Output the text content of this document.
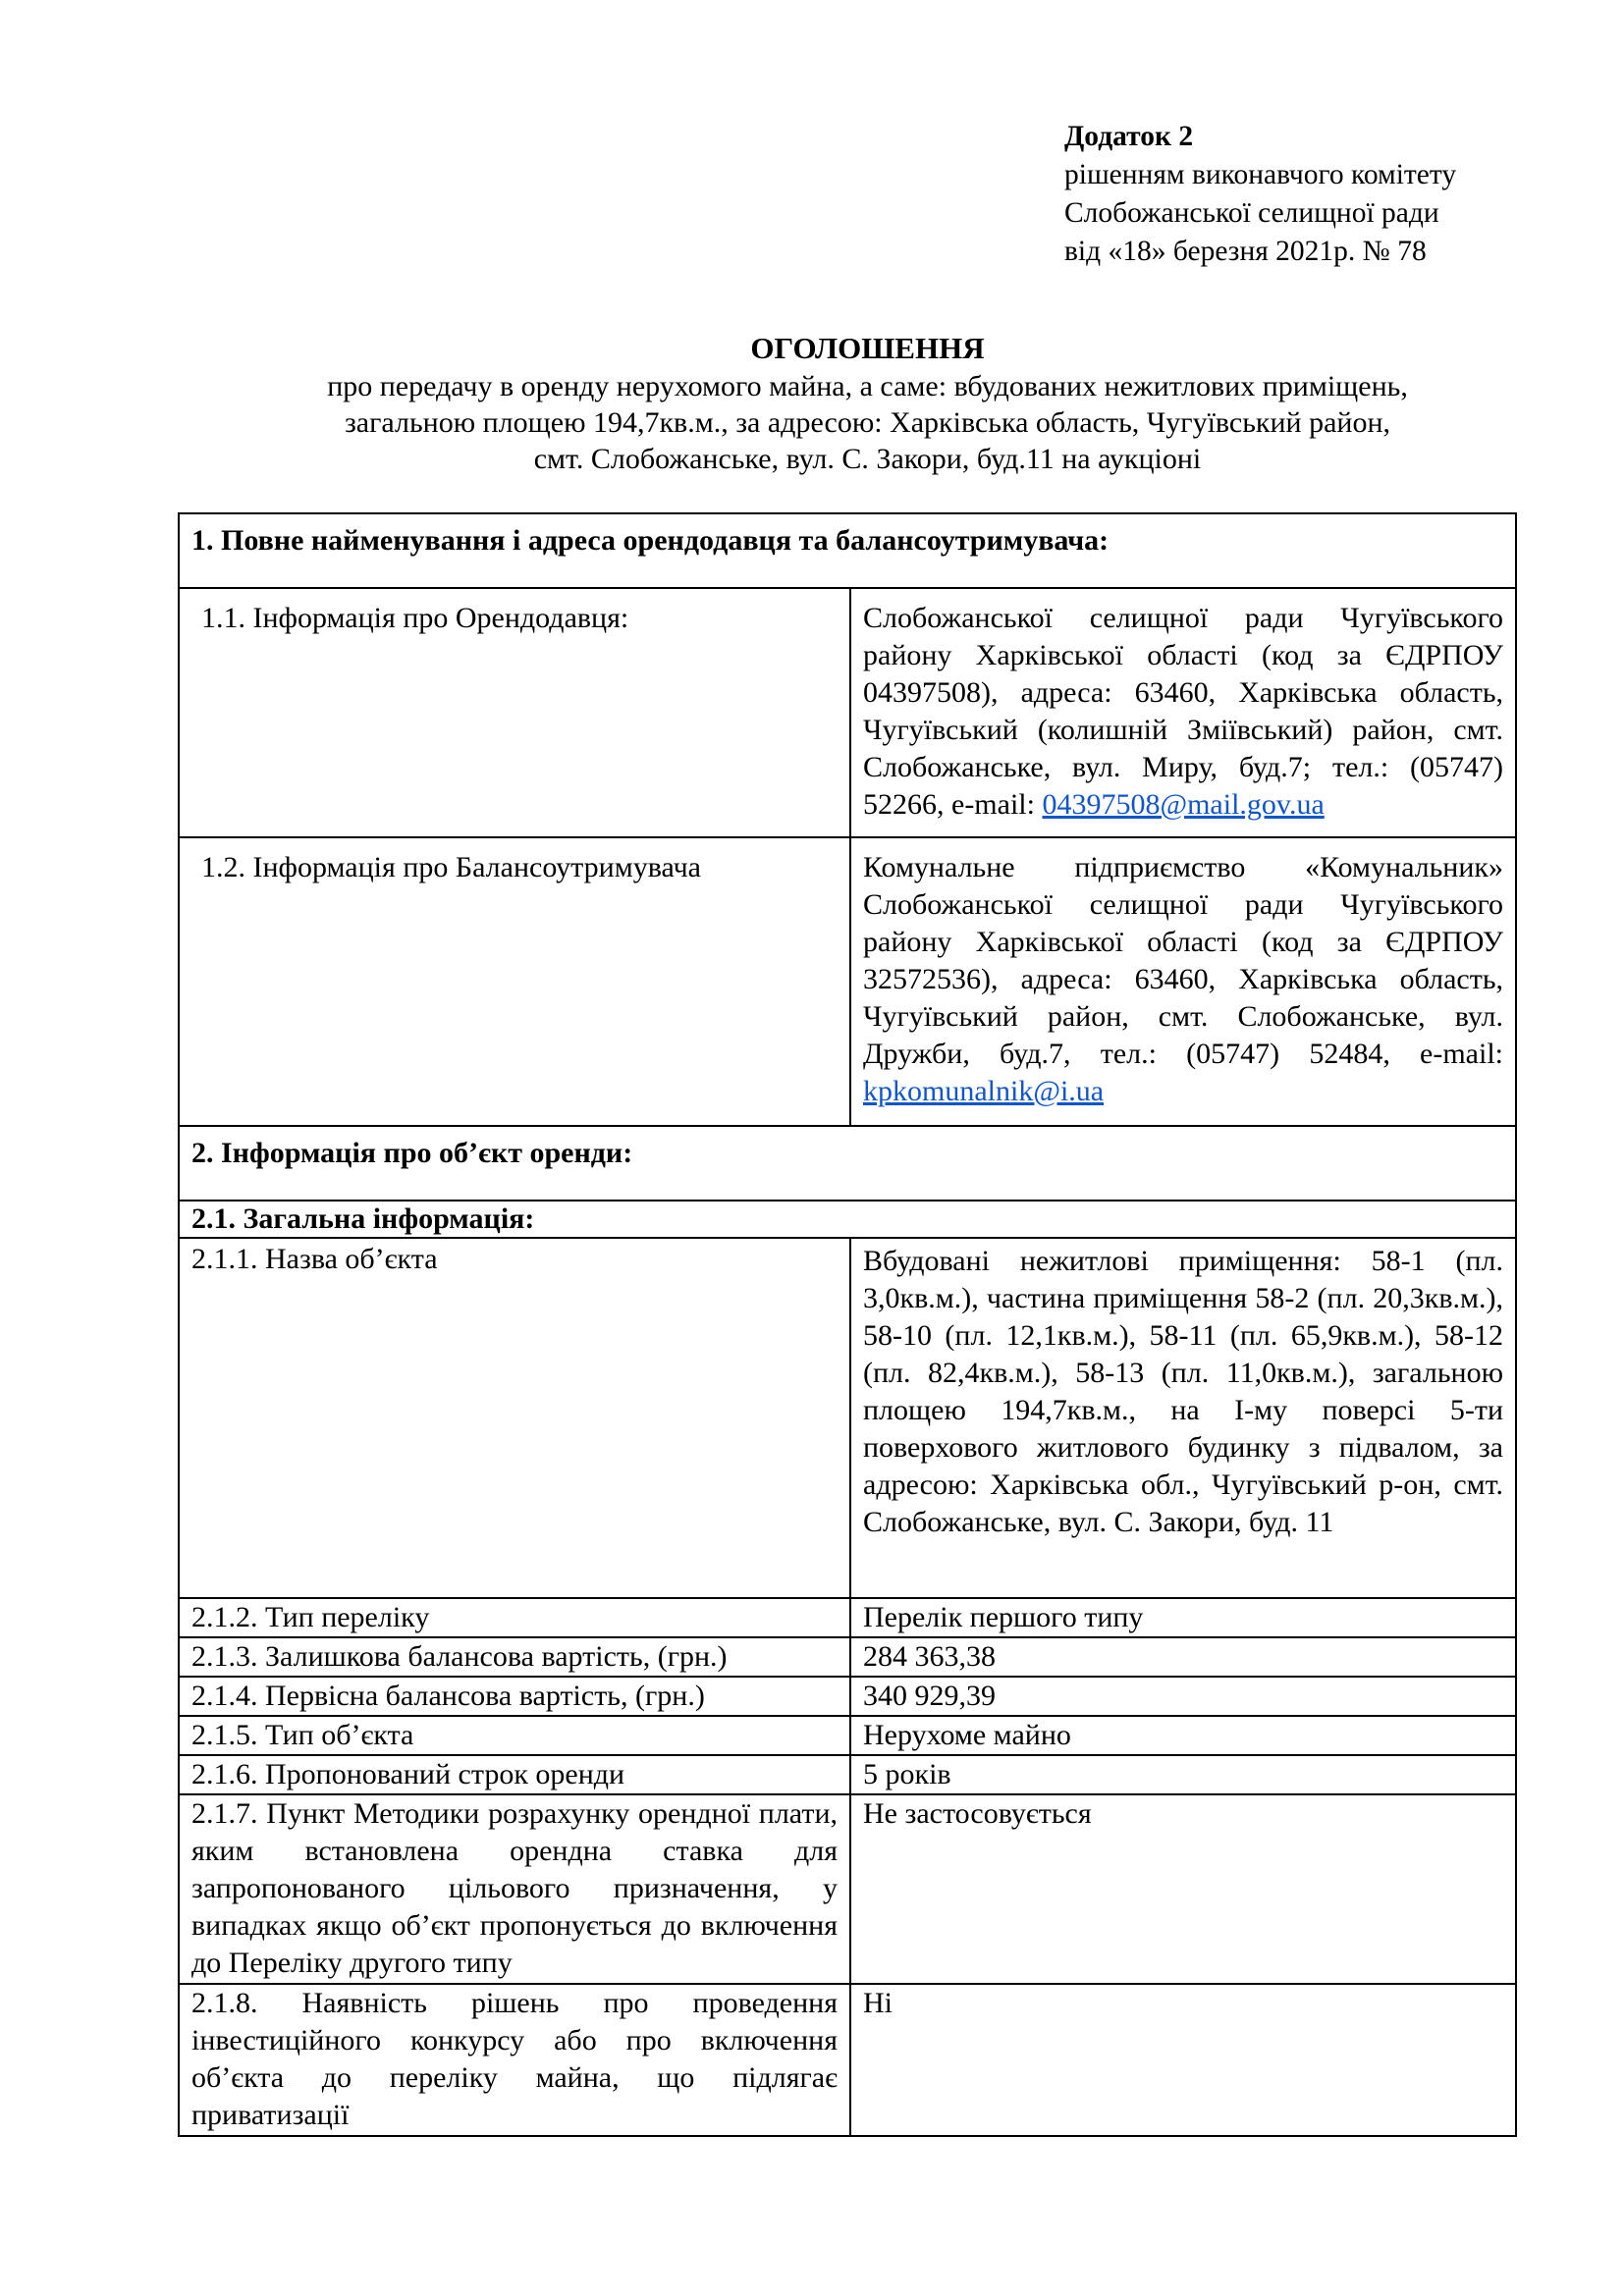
Додаток 2
рішенням виконавчого комітету
Слобожанської селищної ради
від «18» березня 2021р. № 78
ОГОЛОШЕННЯ
про передачу в оренду нерухомого майна, а саме: вбудованих нежитлових приміщень,
загальною площею 194,7кв.м., за адресою: Харківська область, Чугуївський район,
смт. Слобожанське, вул. С. Закори, буд.11 на аукціоні
1. Повне найменування і адреса орендодавця та балансоутримувача:	
1.1. Інформація про Орендодавця:	Слобожанської селищної ради Чугуївського району Харківської області (код за ЄДРПОУ 04397508), адреса: 63460, Харківська область, Чугуївський (колишній Зміївський) район, смт. Слобожанське, вул. Миру, буд.7; тел.: (05747) 52266, e-mail: 04397508@mail.gov.ua
1.2. Інформація про Балансоутримувача	Комунальне підприємство «Комунальник» Слобожанської селищної ради Чугуївського району Харківської області (код за ЄДРПОУ 32572536), адреса: 63460, Харківська область, Чугуївський район, смт. Слобожанське, вул. Дружби, буд.7, тел.: (05747) 52484, e-mail: kpkomunalnik@i.ua
2. Інформація про об’єкт оренди:	
2.1. Загальна інформація:	
2.1.1. Назва об’єкта	Вбудовані нежитлові приміщення: 58-1 (пл. 3,0кв.м.), частина приміщення 58-2 (пл. 20,3кв.м.), 58-10 (пл. 12,1кв.м.), 58-11 (пл. 65,9кв.м.), 58-12 (пл. 82,4кв.м.), 58-13 (пл. 11,0кв.м.), загальною площею 194,7кв.м., на І-му поверсі 5-ти поверхового житлового будинку з підвалом, за адресою: Харківська обл., Чугуївський р-он, смт. Слобожанське, вул. С. Закори, буд. 11
2.1.2. Тип переліку	Перелік першого типу
2.1.3. Залишкова балансова вартість, (грн.)	284 363,38
2.1.4. Первісна балансова вартість, (грн.)	340 929,39
2.1.5. Тип об’єкта	Нерухоме майно
2.1.6. Пропонований строк оренди	5 років
2.1.7. Пункт Методики розрахунку орендної плати, яким встановлена орендна ставка для запропонованого цільового призначення, у випадках якщо об’єкт пропонується до включення до Переліку другого типу	Не застосовується
2.1.8. Наявність рішень про проведення інвестиційного конкурсу або про включення об’єкта до переліку майна, що підлягає приватизації	Ні
